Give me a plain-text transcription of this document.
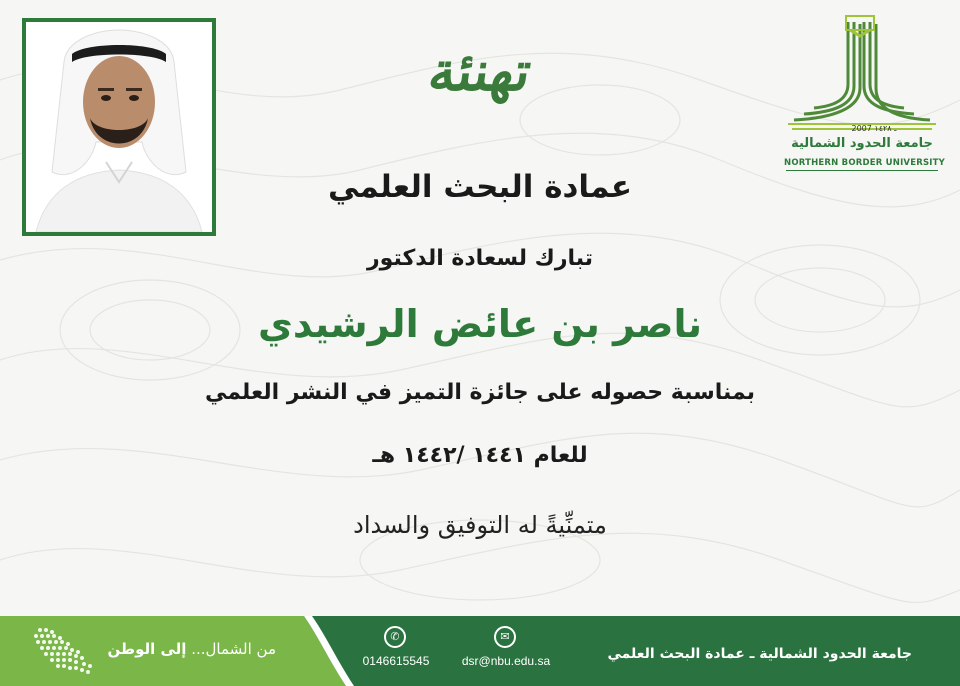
2007 ـ ١٤٢٨
جامعة الحدود الشمالية
NORTHERN BORDER UNIVERSITY
تهنئة
عمادة البحث العلمي
تبارك لسعادة الدكتور
ناصر بن عائض الرشيدي
بمناسبة حصوله على جائزة التميز في النشر العلمي
للعام ١٤٤١ /١٤٤٢ هـ
متمنِّيةً له التوفيق والسداد
من الشمال... إلى الوطن
✆
0146615545
✉
dsr@nbu.edu.sa	جامعة الحدود الشمالية ـ عمادة البحث العلمي
